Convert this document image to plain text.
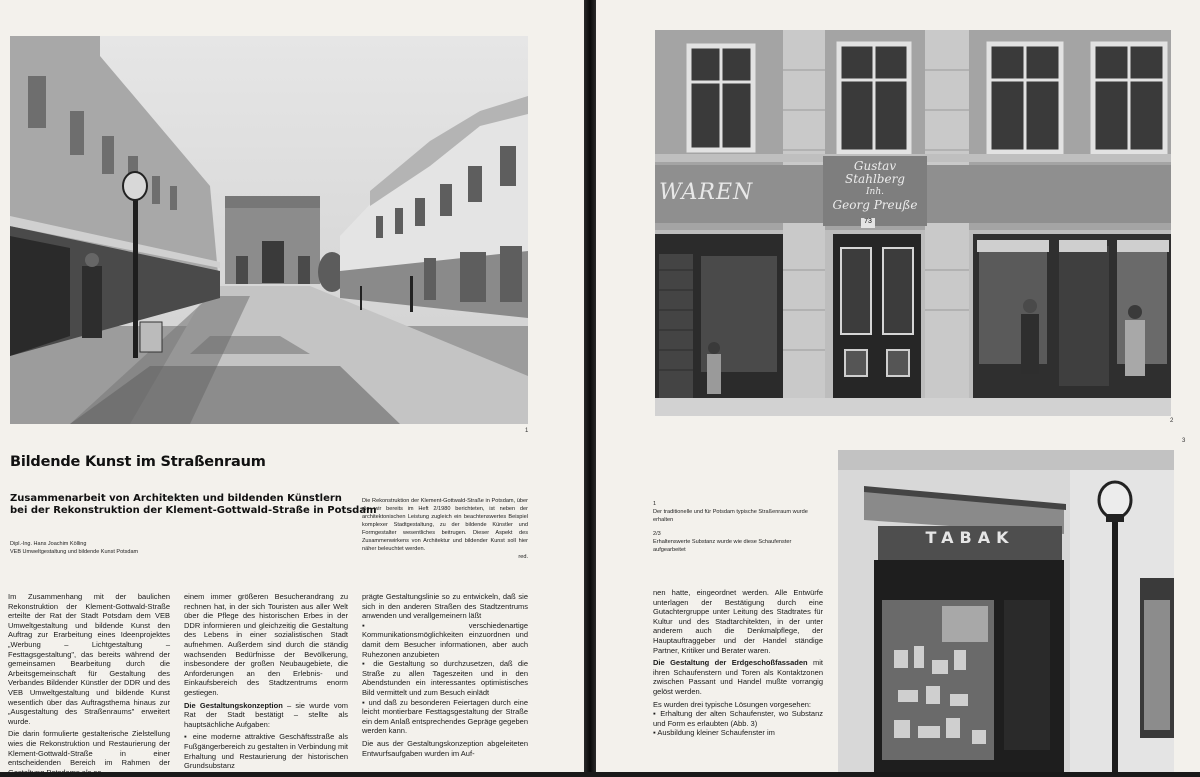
1
Bildende Kunst im Straßenraum
Zusammenarbeit von Architekten und bildenden Künstlern
bei der Rekonstruktion der Klement-Gottwald-Straße in Potsdam
Dipl.-Ing. Hans Joachim Kölling
VEB Umweltgestaltung und bildende Kunst Potsdam

Die Rekonstruktion der Klement-Gottwald-Straße in Potsdam, über die wir bereits im Heft 2/1980 berichteten, ist neben der architektonischen Leistung zugleich ein beachtenswertes Beispiel komplexer Stadtgestaltung, zu der bildende Künstler und Formgestalter wesentliches beitrugen. Dieser Aspekt des Zusammenwirkens von Architektur und bildender Kunst soll hier näher beleuchtet werden.

red.

Im Zusammenhang mit der baulichen Rekonstruktion der Klement-Gottwald-Straße erteilte der Rat der Stadt Potsdam dem VEB Umweltgestaltung und bildende Kunst den Auftrag zur Erarbeitung eines Ideenprojektes „Werbung – Lichtgestaltung – Festtagsgestaltung", das bereits während der gemeinsamen Bearbeitung durch die Arbeitsgemeinschaft für Gestaltung des Verbandes Bildender Künstler der DDR und des VEB Umweltgestaltung und bildende Kunst wesentlich über das Auftragsthema hinaus zur „Ausgestaltung des Straßenraums" erweitert wurde.

Die darin formulierte gestalterische Zielstellung wies die Rekonstruktion und Restaurierung der Klement-Gottwald-Straße in einer entscheidenden Bereich im Rahmen der Gestaltung Potsdams als so-

einem immer größeren Besucherandrang zu rechnen hat, in der sich Touristen aus aller Welt über die Pflege des historischen Erbes in der DDR informieren und gleichzeitig die Gestaltung des Lebens in einer sozialistischen Stadt aufnehmen. Außerdem sind durch die ständig wachsenden Bedürfnisse der Bevölkerung, insbesondere der großen Neubaugebiete, die Anforderungen an den Erlebnis- und Einkaufsbereich des Stadtzentrums enorm gestiegen.

Die Gestaltungskonzeption – sie wurde vom Rat der Stadt bestätigt – stellte als hauptsächliche Aufgaben:

▪ eine moderne attraktive Geschäftsstraße als Fußgängerbereich zu gestalten in Verbindung mit Erhaltung und Restaurierung der historischen Grundsubstanz

prägte Gestaltungslinie so zu entwickeln, daß sie sich in den anderen Straßen des Stadtzentrums anwenden und verallgemeinern läßt

▪ verschiedenartige Kommunikationsmöglichkeiten einzuordnen und damit dem Besucher informationen, aber auch Ruhezonen anzubieten

▪ die Gestaltung so durchzusetzen, daß die Straße zu allen Tageszeiten und in den Abendstunden ein interessantes optimistisches Bild vermittelt und zum Besuch einlädt

▪ und daß zu besonderen Feiertagen durch eine leicht montierbare Festtagsgestaltung der Straße ein dem Anlaß entsprechendes Gepräge gegeben werden kann.

Die aus der Gestaltungskonzeption abgeleiteten Entwurfsaufgaben wurden im Auf-

WAREN
Gustav Stahlberg
Inh.
Georg Preuße
73
2
3
1
Der traditionelle und für Potsdam typische Straßenraum wurde erhalten
2/3
Erhaltenswerte Substanz wurde wie diese Schaufenster aufgearbeitet

nen hatte, eingeordnet werden. Alle Entwürfe unterlagen der Bestätigung durch eine Gutachtergruppe unter Leitung des Stadtrates für Kultur und des Stadtarchitekten, in der unter anderem auch die Denkmalpflege, der Hauptauftraggeber und der Handel ständige Partner, Kritiker und Berater waren.

Die Gestaltung der Erdgeschoßfassaden mit ihren Schaufenstern und Toren als Kontaktzonen zwischen Passant und Handel mußte vorrangig gelöst werden.

Es wurden drei typische Lösungen vorgesehen:

▪ Erhaltung der alten Schaufenster, wo Substanz und Form es erlaubten (Abb. 3)

▪ Ausbildung kleiner Schaufenster im

TABAK
